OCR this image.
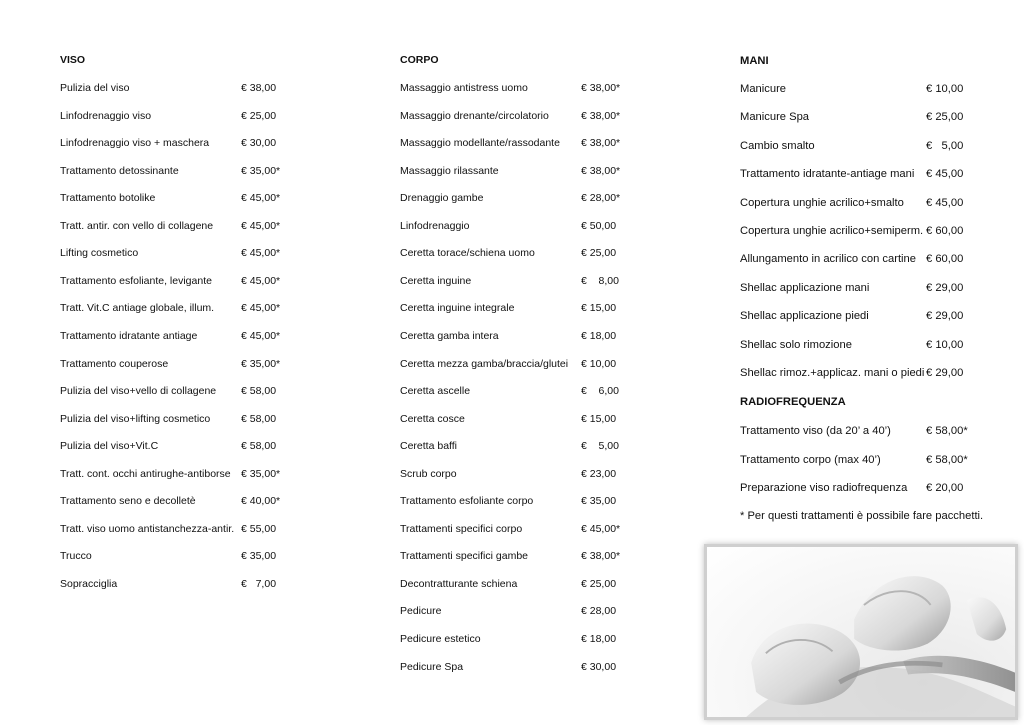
VISO
Pulizia del viso	€ 38,00
Linfodrenaggio viso	€ 25,00
Linfodrenaggio viso + maschera	€ 30,00
Trattamento detossinante	€ 35,00*
Trattamento botolike	€ 45,00*
Tratt. antir. con vello di collagene	€ 45,00*
Lifting cosmetico	€ 45,00*
Trattamento esfoliante, levigante	€ 45,00*
Tratt. Vit.C antiage globale, illum.	€ 45,00*
Trattamento idratante antiage	€ 45,00*
Trattamento couperose	€ 35,00*
Pulizia del viso+vello di collagene € 58,00
Pulizia del viso+lifting cosmetico	€ 58,00
Pulizia del viso+Vit.C	€ 58,00
Tratt. cont. occhi antirughe-antiborse € 35,00*
Trattamento seno e decolletè	€ 40,00*
Tratt. viso uomo antistanchezza-antir. € 55,00
Trucco	€ 35,00
Sopracciglia	€   7,00
CORPO
Massaggio antistress uomo	€ 38,00*
Massaggio drenante/circolatorio	€ 38,00*
Massaggio modellante/rassodante € 38,00*
Massaggio rilassante	€ 38,00*
Drenaggio gambe	€ 28,00*
Linfodrenaggio	€ 50,00
Ceretta torace/schiena uomo	€ 25,00
Ceretta inguine	€    8,00
Ceretta inguine integrale	€ 15,00
Ceretta gamba intera	€ 18,00
Ceretta mezza gamba/braccia/glutei € 10,00
Ceretta ascelle	€    6,00
Ceretta cosce	€ 15,00
Ceretta baffi	€    5,00
Scrub corpo	€ 23,00
Trattamento esfoliante corpo	€ 35,00
Trattamenti specifici corpo	€ 45,00*
Trattamenti specifici gambe	€ 38,00*
Decontratturante schiena	€ 25,00
Pedicure	€ 28,00
Pedicure estetico	€ 18,00
Pedicure Spa	€ 30,00
MANI
Manicure	€ 10,00
Manicure Spa	€ 25,00
Cambio smalto	€   5,00
Trattamento idratante-antiage mani € 45,00
Copertura unghie acrilico+smalto € 45,00
Copertura unghie acrilico+semiperm. € 60,00
Allungamento in acrilico con cartine € 60,00
Shellac applicazione mani	€ 29,00
Shellac applicazione piedi	€ 29,00
Shellac solo rimozione	€ 10,00
Shellac rimoz.+applicaz. mani o piedi € 29,00
RADIOFREQUENZA
Trattamento viso (da 20’ a 40’)	€ 58,00*
Trattamento corpo (max 40’)	€ 58,00*
Preparazione viso radiofrequenza € 20,00
* Per questi trattamenti è possibile fare pacchetti.
